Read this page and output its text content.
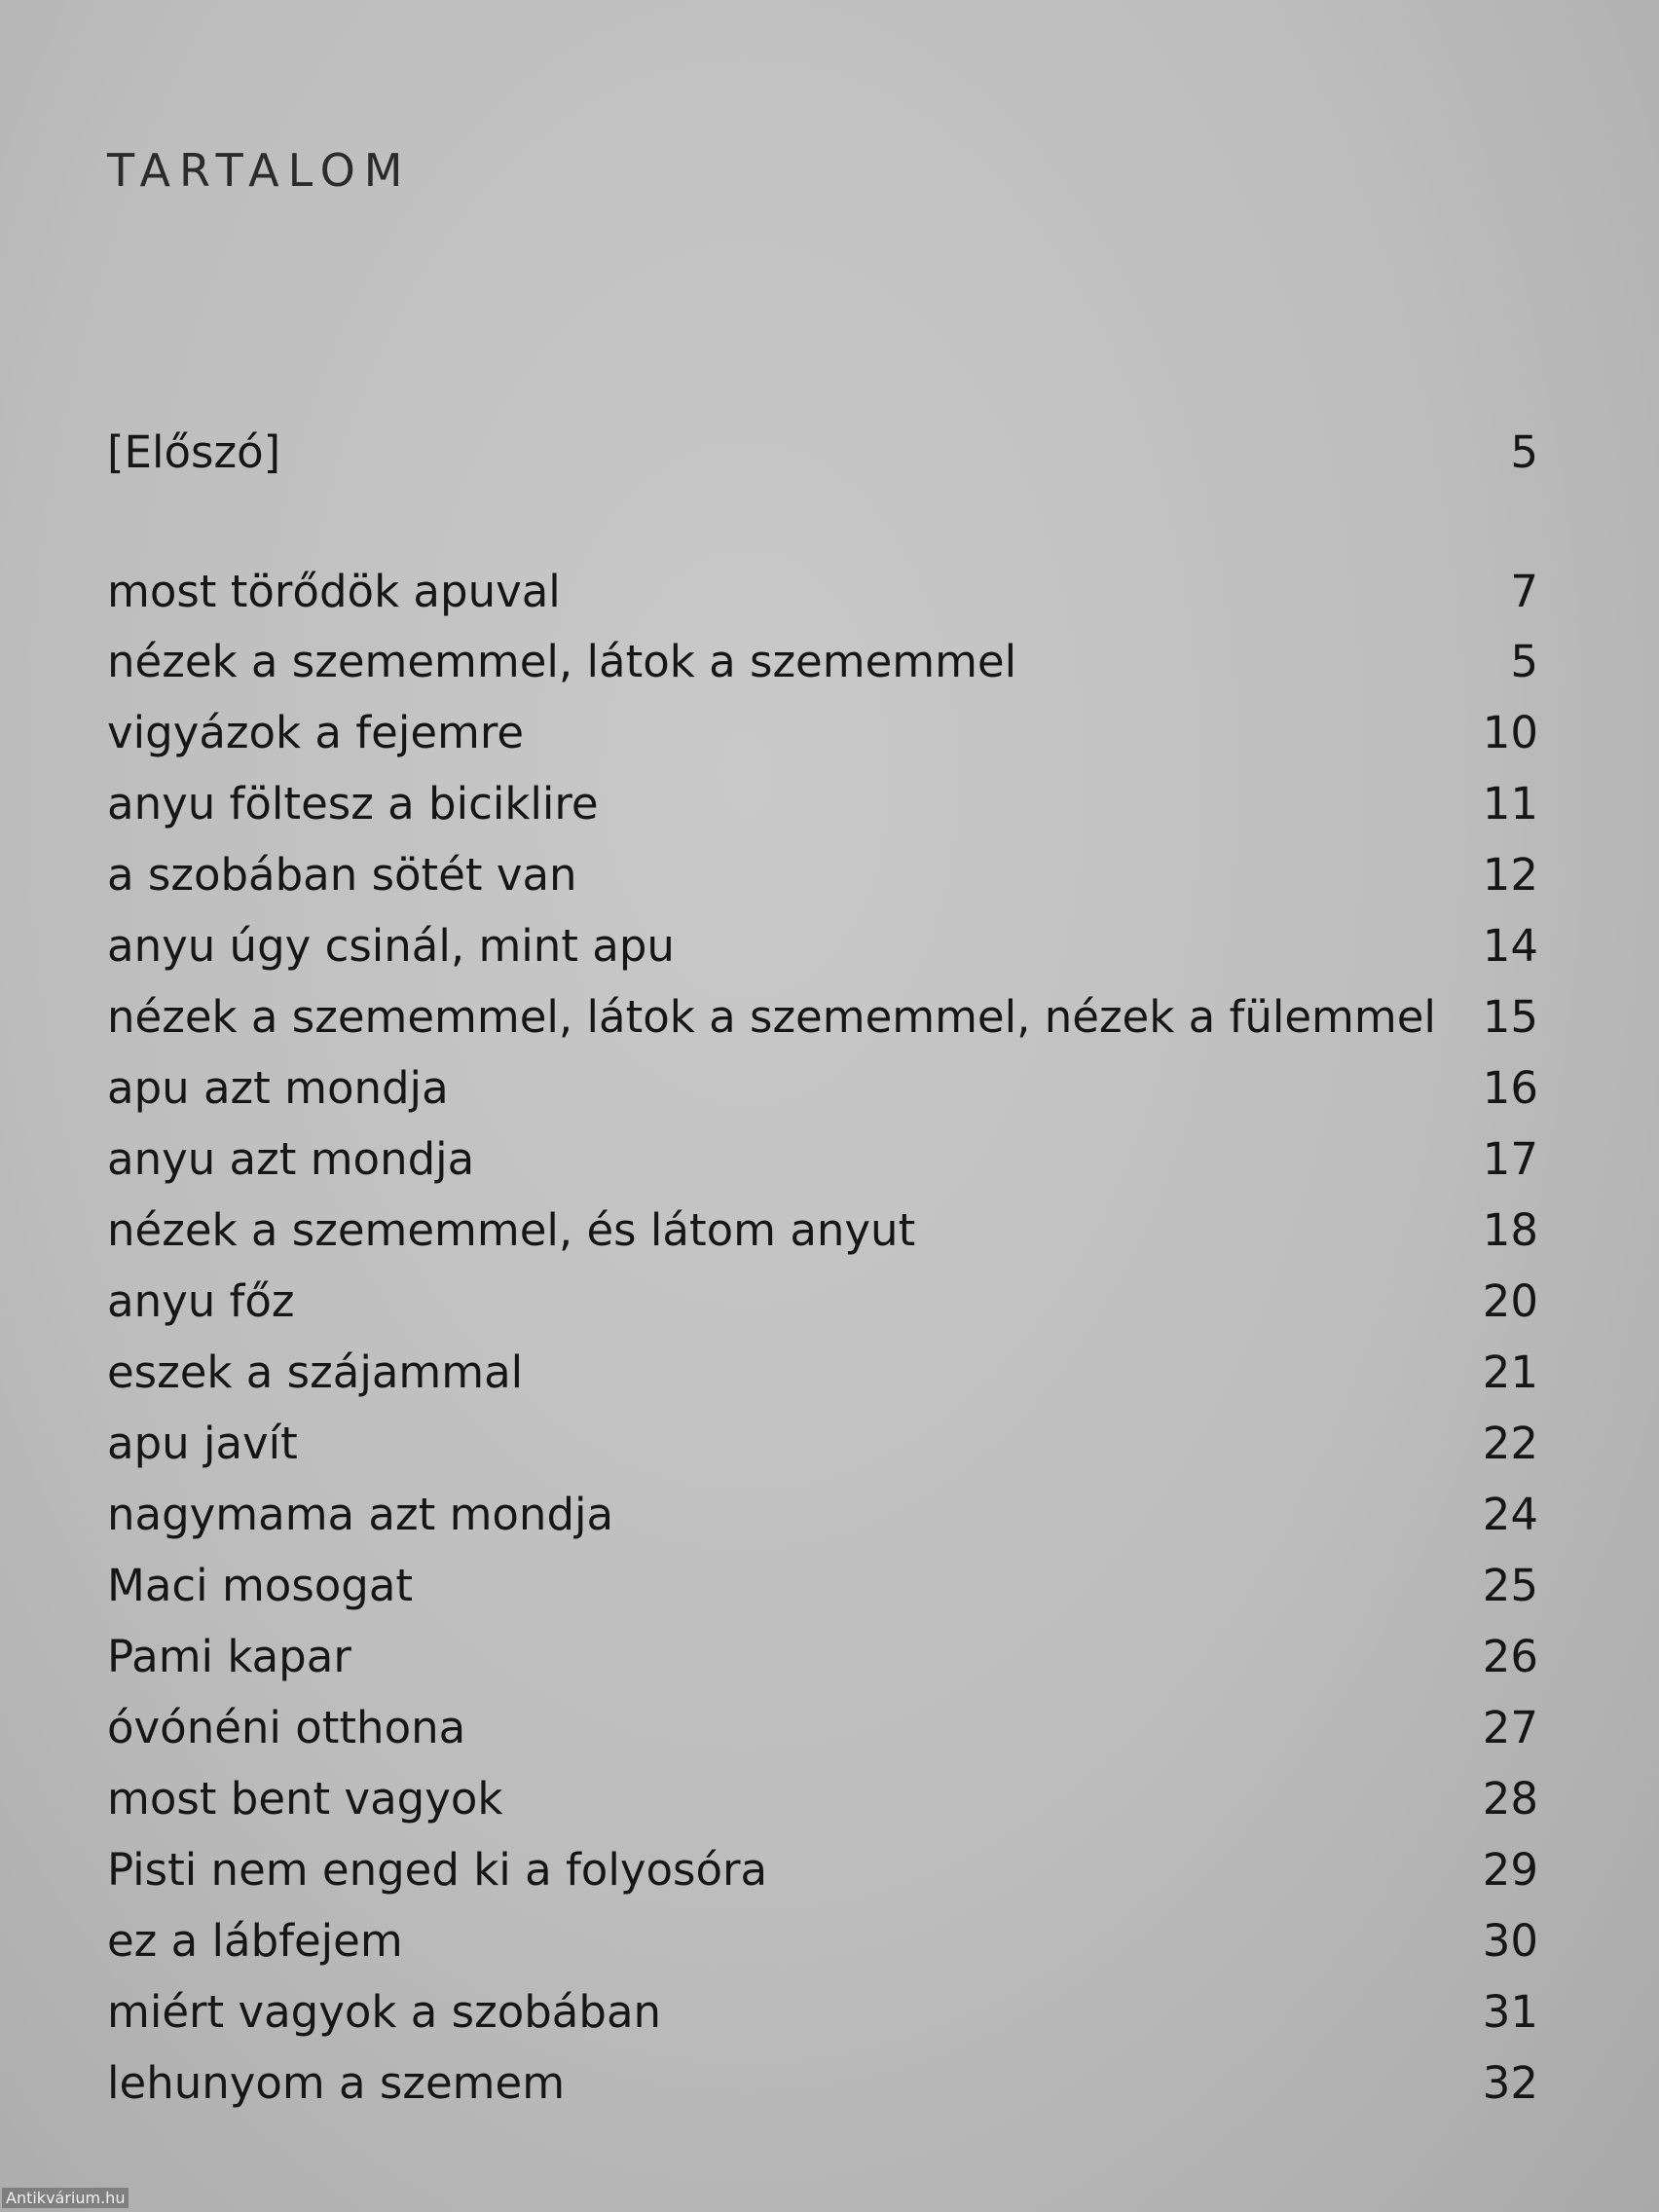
TARTALOM
[Előszó]	5
most törődök apuval	7
nézek a szememmel, látok a szememmel	5
vigyázok a fejemre	10
anyu föltesz a biciklire	11
a szobában sötét van	12
anyu úgy csinál, mint apu	14
nézek a szememmel, látok a szememmel, nézek a fülemmel 15
apu azt mondja	16
anyu azt mondja	17
nézek a szememmel, és látom anyut	18
anyu főz	20
eszek a szájammal	21
apu javít	22
nagymama azt mondja	24
Maci mosogat	25
Pami kapar	26
óvónéni otthona	27
most bent vagyok	28
Pisti nem enged ki a folyosóra	29
ez a lábfejem	30
miért vagyok a szobában	31
lehunyom a szemem	32
Antikvárium.hu
